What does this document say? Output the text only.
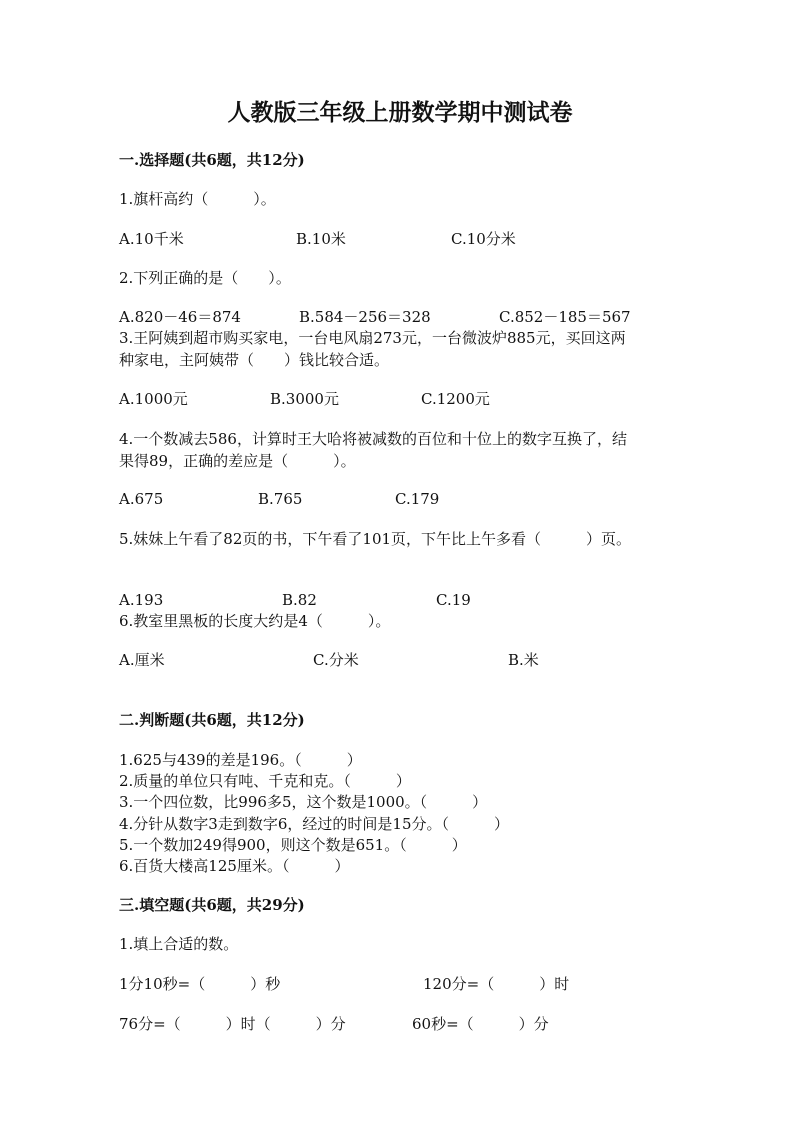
人教版三年级上册数学期中测试卷
一.选择题(共6题，共12分)
1.旗杆高约（　　　）。
A.10千米	B.10米	C.10分米
2.下列正确的是（　　）。
A.820－46＝874	B.584－256＝328	C.852－185＝567
3.王阿姨到超市购买家电，一台电风扇273元，一台微波炉885元，买回这两
种家电，主阿姨带（　　）钱比较合适。
A.1000元	B.3000元	C.1200元
4.一个数减去586，计算时王大哈将被减数的百位和十位上的数字互换了，结
果得89，正确的差应是（　　　）。
A.675	B.765	C.179
5.妹妹上午看了82页的书，下午看了101页，下午比上午多看（　　　）页。
A.193	B.82	C.19
6.教室里黑板的长度大约是4（　　　）。
A.厘米	C.分米	B.米
二.判断题(共6题，共12分)
1.625与439的差是196。（　　　）
2.质量的单位只有吨、千克和克。（　　　）
3.一个四位数，比996多5，这个数是1000。（　　　）
4.分针从数字3走到数字6，经过的时间是15分。（　　　）
5.一个数加249得900，则这个数是651。（　　　）
6.百货大楼高125厘米。（　　　）
三.填空题(共6题，共29分)
1.填上合适的数。
1分10秒=（　　　）秒	120分=（　　　）时
76分=（　　　）时（　　　）分	60秒=（　　　）分
